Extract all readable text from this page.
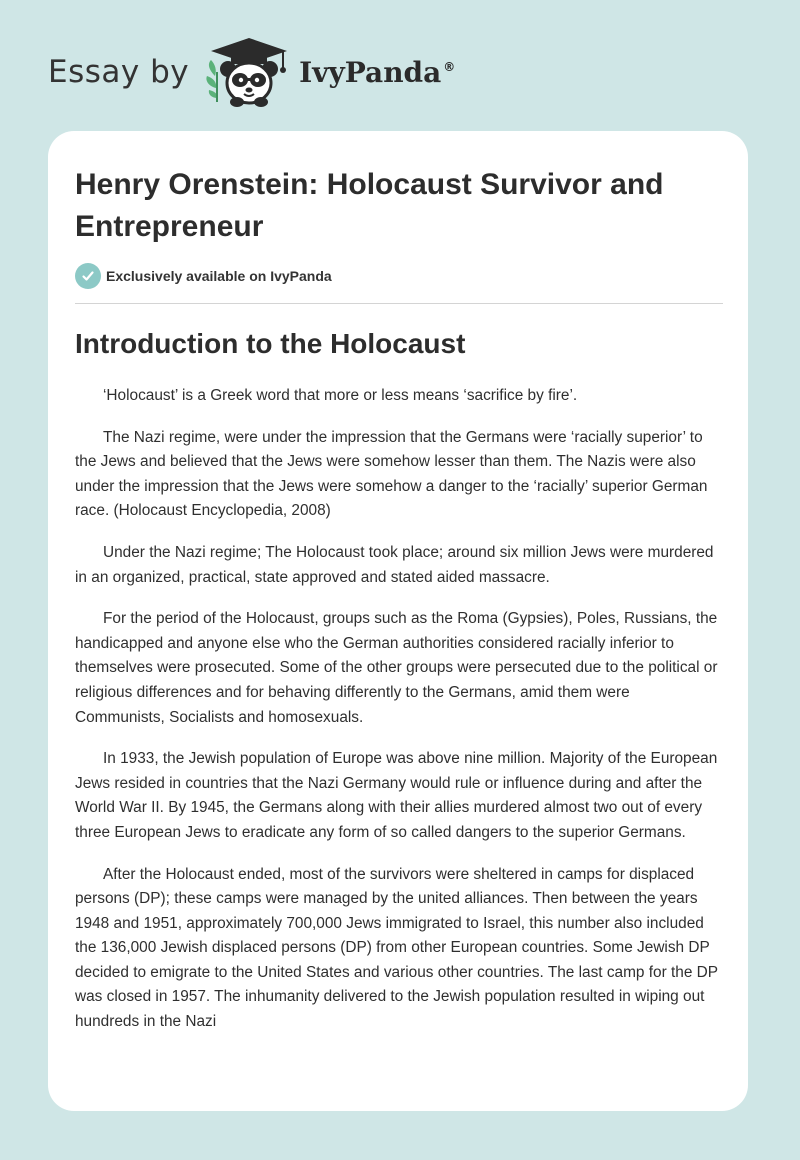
Essay by	IvyPanda ®
Henry Orenstein: Holocaust Survivor and Entrepreneur
Exclusively available on IvyPanda
Introduction to the Holocaust

‘Holocaust’ is a Greek word that more or less means ‘sacrifice by fire’.

The Nazi regime, were under the impression that the Germans were ‘racially superior’ to the Jews and believed that the Jews were somehow lesser than them. The Nazis were also under the impression that the Jews were somehow a danger to the ‘racially’ superior German race. (Holocaust Encyclopedia, 2008)

Under the Nazi regime; The Holocaust took place; around six million Jews were murdered in an organized, practical, state approved and stated aided massacre.

For the period of the Holocaust, groups such as the Roma (Gypsies), Poles, Russians, the handicapped and anyone else who the German authorities considered racially inferior to themselves were prosecuted. Some of the other groups were persecuted due to the political or religious differences and for behaving differently to the Germans, amid them were Communists, Socialists and homosexuals.

In 1933, the Jewish population of Europe was above nine million. Majority of the European Jews resided in countries that the Nazi Germany would rule or influence during and after the World War II. By 1945, the Germans along with their allies murdered almost two out of every three European Jews to eradicate any form of so called dangers to the superior Germans.

After the Holocaust ended, most of the survivors were sheltered in camps for displaced persons (DP); these camps were managed by the united alliances. Then between the years 1948 and 1951, approximately 700,000 Jews immigrated to Israel, this number also included the 136,000 Jewish displaced persons (DP) from other European countries. Some Jewish DP decided to emigrate to the United States and various other countries. The last camp for the DP was closed in 1957. The inhumanity delivered to the Jewish population resulted in wiping out hundreds in the Nazi
